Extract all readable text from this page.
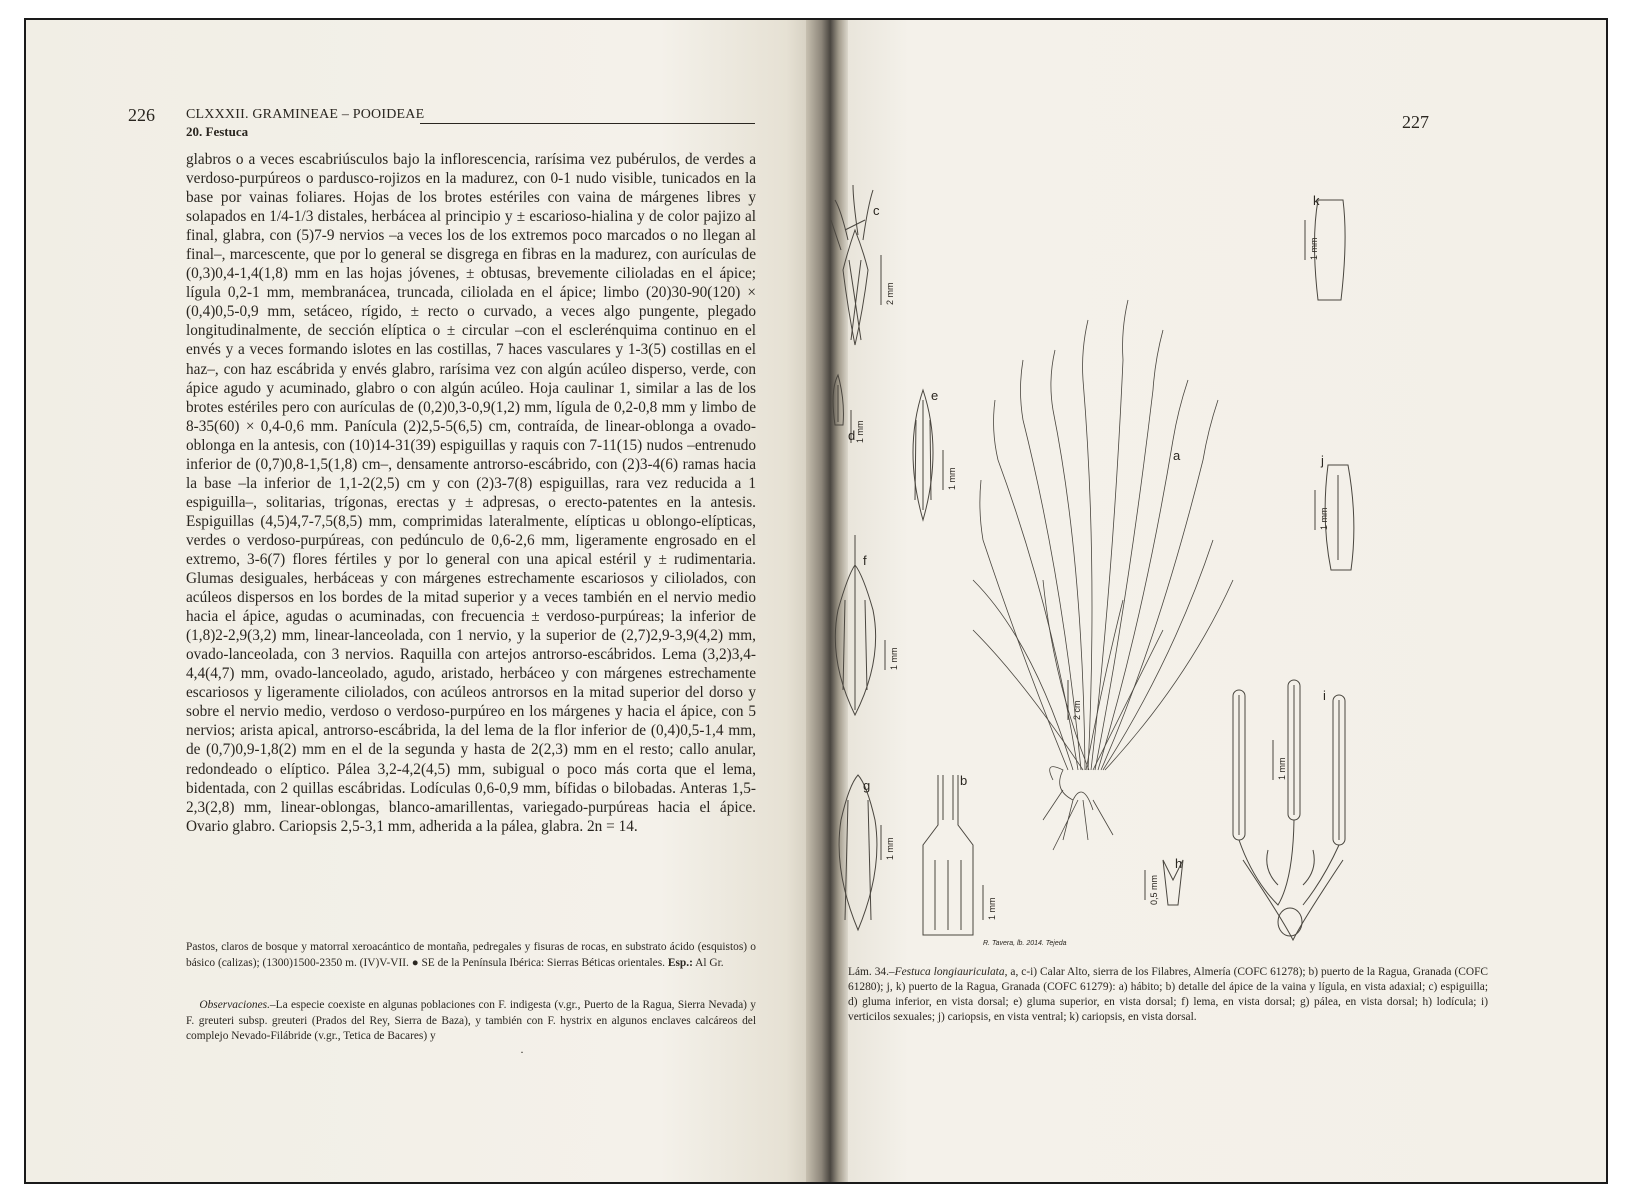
226 CLXXXII. GRAMINEAE – POOIDEAE
20. Festuca

glabros o a veces escabriúsculos bajo la inflorescencia, rarísima vez pubérulos, de verdes a verdoso-purpúreos o pardusco-rojizos en la madurez, con 0-1 nudo visible, tunicados en la base por vainas foliares. Hojas de los brotes estériles con vaina de márgenes libres y solapados en 1/4-1/3 distales, herbácea al principio y ± escarioso-hialina y de color pajizo al final, glabra, con (5)7-9 nervios –a veces los de los extremos poco marcados o no llegan al final–, marcescente, que por lo general se disgrega en fibras en la madurez, con aurículas de (0,3)0,4-1,4(1,8) mm en las hojas jóvenes, ± obtusas, brevemente cilioladas en el ápice; lígula 0,2-1 mm, membranácea, truncada, ciliolada en el ápice; limbo (20)30-90(120) × (0,4)0,5-0,9 mm, setáceo, rígido, ± recto o curvado, a veces algo pungente, plegado longitudinalmente, de sección elíptica o ± circular –con el esclerénquima continuo en el envés y a veces formando islotes en las costillas, 7 haces vasculares y 1-3(5) costillas en el haz–, con haz escábrida y envés glabro, rarísima vez con algún acúleo disperso, verde, con ápice agudo y acuminado, glabro o con algún acúleo. Hoja caulinar 1, similar a las de los brotes estériles pero con aurículas de (0,2)0,3-0,9(1,2) mm, lígula de 0,2-0,8 mm y limbo de 8-35(60) × 0,4-0,6 mm. Panícula (2)2,5-5(6,5) cm, contraída, de linear-oblonga a ovado-oblonga en la antesis, con (10)14-31(39) espiguillas y raquis con 7-11(15) nudos –entrenudo inferior de (0,7)0,8-1,5(1,8) cm–, densamente antrorso-escábrido, con (2)3-4(6) ramas hacia la base –la inferior de 1,1-2(2,5) cm y con (2)3-7(8) espiguillas, rara vez reducida a 1 espiguilla–, solitarias, trígonas, erectas y ± adpresas, o erecto-patentes en la antesis. Espiguillas (4,5)4,7-7,5(8,5) mm, comprimidas lateralmente, elípticas u oblongo-elípticas, verdes o verdoso-purpúreas, con pedúnculo de 0,6-2,6 mm, ligeramente engrosado en el extremo, 3-6(7) flores fértiles y por lo general con una apical estéril y ± rudimentaria. Glumas desiguales, herbáceas y con márgenes estrechamente escariosos y ciliolados, con acúleos dispersos en los bordes de la mitad superior y a veces también en el nervio medio hacia el ápice, agudas o acuminadas, con frecuencia ± verdoso-purpúreas; la inferior de (1,8)2-2,9(3,2) mm, linear-lanceolada, con 1 nervio, y la superior de (2,7)2,9-3,9(4,2) mm, ovado-lanceolada, con 3 nervios. Raquilla con artejos antrorso-escábridos. Lema (3,2)3,4-4,4(4,7) mm, ovado-lanceolado, agudo, aristado, herbáceo y con márgenes estrechamente escariosos y ligeramente ciliolados, con acúleos antrorsos en la mitad superior del dorso y sobre el nervio medio, verdoso o verdoso-purpúreo en los márgenes y hacia el ápice, con 5 nervios; arista apical, antrorso-escábrida, la del lema de la flor inferior de (0,4)0,5-1,4 mm, de (0,7)0,9-1,8(2) mm en el de la segunda y hasta de 2(2,3) mm en el resto; callo anular, redondeado o elíptico. Pálea 3,2-4,2(4,5) mm, subigual o poco más corta que el lema, bidentada, con 2 quillas escábridas. Lodículas 0,6-0,9 mm, bífidas o bilobadas. Anteras 1,5-2,3(2,8) mm, linear-oblongas, blanco-amarillentas, variegado-purpúreas hacia el ápice. Ovario glabro. Cariopsis 2,5-3,1 mm, adherida a la pálea, glabra. 2n = 14.

Pastos, claros de bosque y matorral xeroacántico de montaña, pedregales y fisuras de rocas, en substrato ácido (esquistos) o básico (calizas); (1300)1500-2350 m. (IV)V-VII. ● SE de la Península Ibérica: Sierras Béticas orientales. Esp.: Al Gr.

Observaciones.–La especie coexiste en algunas poblaciones con F. indigesta (v.gr., Puerto de la Ragua, Sierra Nevada) y F. greuteri subsp. greuteri (Prados del Rey, Sierra de Baza), y también con F. hystrix en algunos enclaves calcáreos del complejo Nevado-Filábride (v.gr., Tetica de Bacares) y

·
227
c
d
e
f
g	b
a
h
k
j
i
2 mm
1 mm
1 mm
1 mm
1 mm
1 mm
2 cm
0,5 mm
1 mm
1 mm
1 mm
R. Tavera, lb. 2014. Tejeda

Lám. 34.–Festuca longiauriculata, a, c-i) Calar Alto, sierra de los Filabres, Almería (COFC 61278); b) puerto de la Ragua, Granada (COFC 61280); j, k) puerto de la Ragua, Granada (COFC 61279): a) hábito; b) detalle del ápice de la vaina y lígula, en vista adaxial; c) espiguilla; d) gluma inferior, en vista dorsal; e) gluma superior, en vista dorsal; f) lema, en vista dorsal; g) pálea, en vista dorsal; h) lodícula; i) verticilos sexuales; j) cariopsis, en vista ventral; k) cariopsis, en vista dorsal.
